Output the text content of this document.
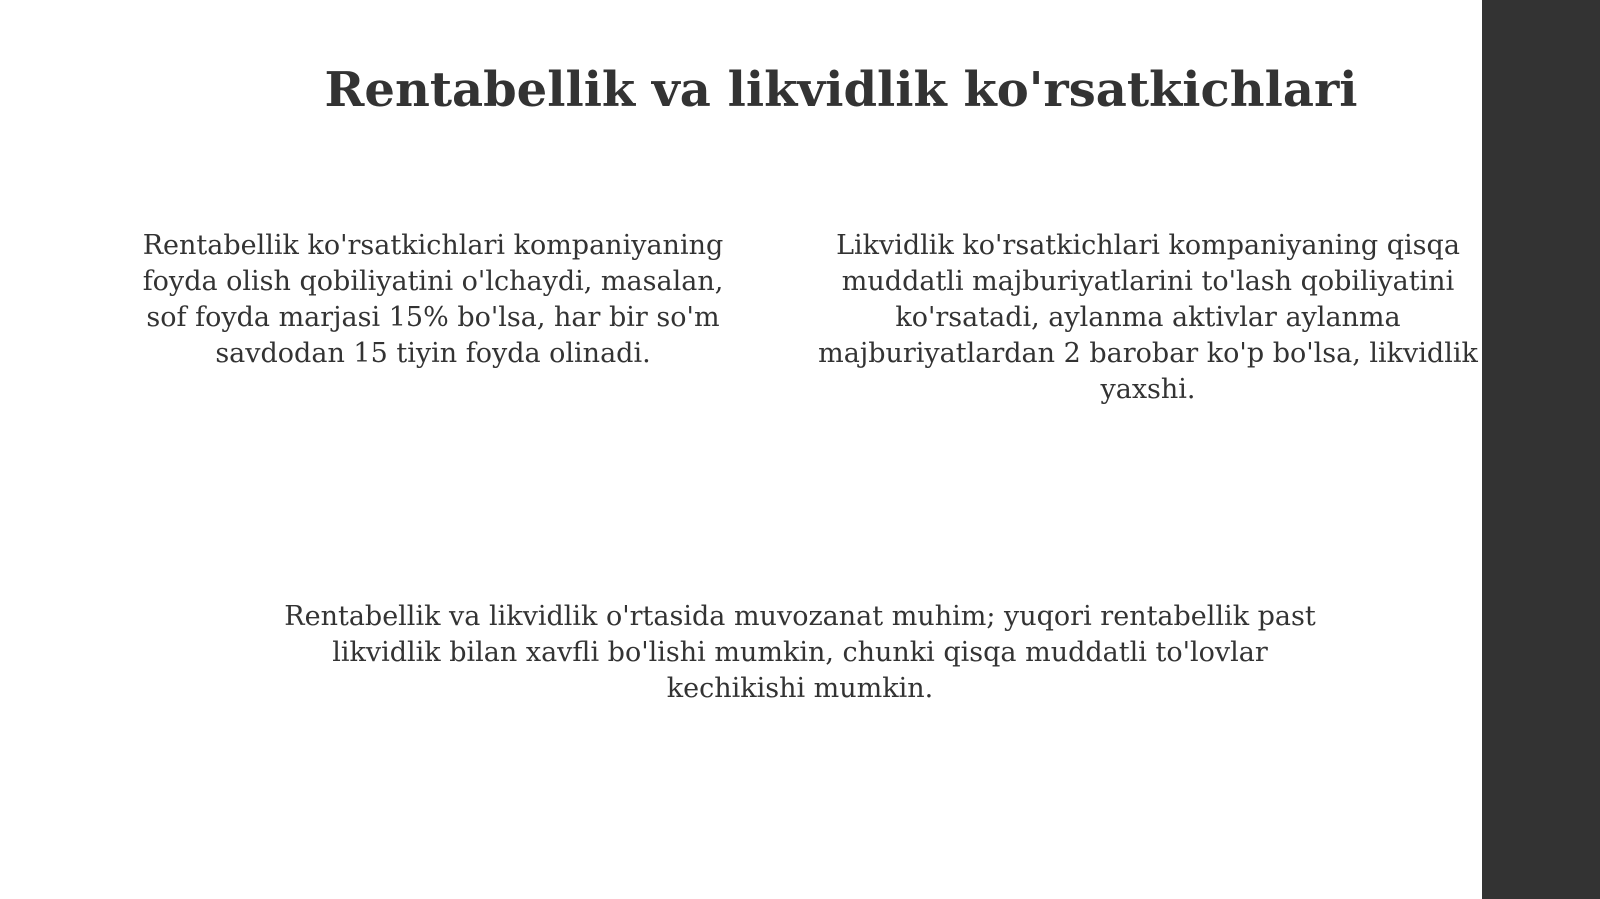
Rentabellik va likvidlik ko'rsatkichlari

Rentabellik ko'rsatkichlari kompaniyaning foyda olish qobiliyatini o'lchaydi, masalan, sof foyda marjasi 15% bo'lsa, har bir so'm savdodan 15 tiyin foyda olinadi.

Likvidlik ko'rsatkichlari kompaniyaning qisqa muddatli majburiyatlarini to'lash qobiliyatini ko'rsatadi, aylanma aktivlar aylanma majburiyatlardan 2 barobar ko'p bo'lsa, likvidlik yaxshi.

Rentabellik va likvidlik o'rtasida muvozanat muhim; yuqori rentabellik past likvidlik bilan xavfli bo'lishi mumkin, chunki qisqa muddatli to'lovlar kechikishi mumkin.
